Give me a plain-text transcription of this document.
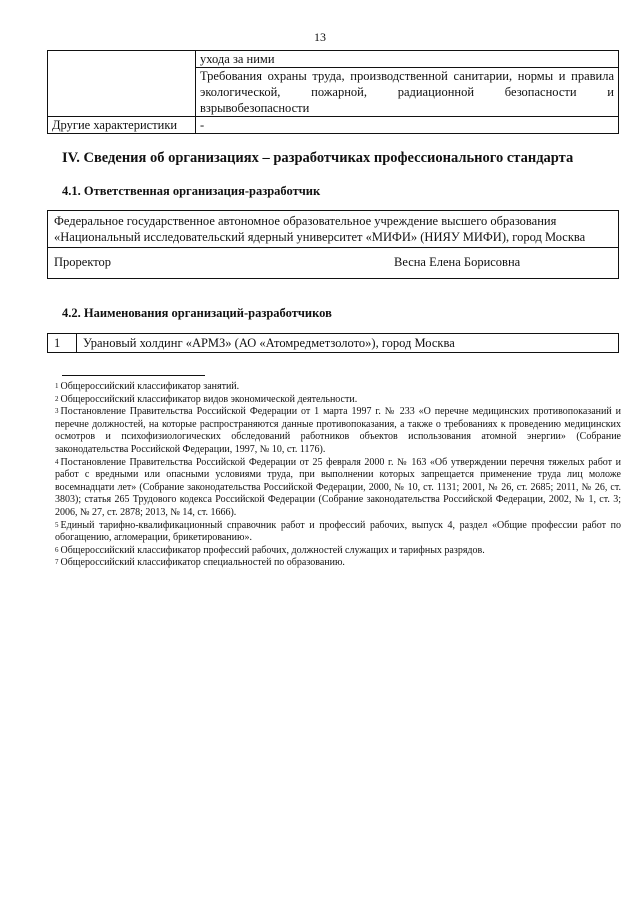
13
	ухода за ними
	Требования охраны труда, производственной санитарии, нормы и правила экологической, пожарной, радиационной безопасности и взрывобезопасности
Другие характеристики	-
IV. Сведения об организациях – разработчиках профессионального стандарта
4.1. Ответственная организация-разработчик
Федеральное государственное автономное образовательное учреждение высшего образования «Национальный исследовательский ядерный университет «МИФИ» (НИЯУ МИФИ), город Москва

Проректор	Весна Елена Борисовна
4.2. Наименования организаций-разработчиков
1	Урановый холдинг «АРМЗ» (АО «Атомредметзолото»), город Москва

$^1$ Общероссийский классификатор занятий.

$^2$ Общероссийский классификатор видов экономической деятельности.

$^3$ Постановление Правительства Российской Федерации от 1 марта 1997 г. № 233 «О перечне медицинских противопоказаний и перечне должностей, на которые распространяются данные противопоказания, а также о требованиях к проведению медицинских осмотров и психофизиологических обследований работников объектов использования атомной энергии» (Собрание законодательства Российской Федерации, 1997, № 10, ст. 1176).

$^4$ Постановление Правительства Российской Федерации от 25 февраля 2000 г. № 163 «Об утверждении перечня тяжелых работ и работ с вредными или опасными условиями труда, при выполнении которых запрещается применение труда лиц моложе восемнадцати лет» (Собрание законодательства Российской Федерации, 2000, № 10, ст. 1131; 2001, № 26, ст. 2685; 2011, № 26, ст. 3803); статья 265 Трудового кодекса Российской Федерации (Собрание законодательства Российской Федерации, 2002, № 1, ст. 3; 2006, № 27, ст. 2878; 2013, № 14, ст. 1666).

$^5$ Единый тарифно-квалификационный справочник работ и профессий рабочих, выпуск 4, раздел «Общие профессии работ по обогащению, агломерации, брикетированию».

$^6$ Общероссийский классификатор профессий рабочих, должностей служащих и тарифных разрядов.

$^7$ Общероссийский классификатор специальностей по образованию.
